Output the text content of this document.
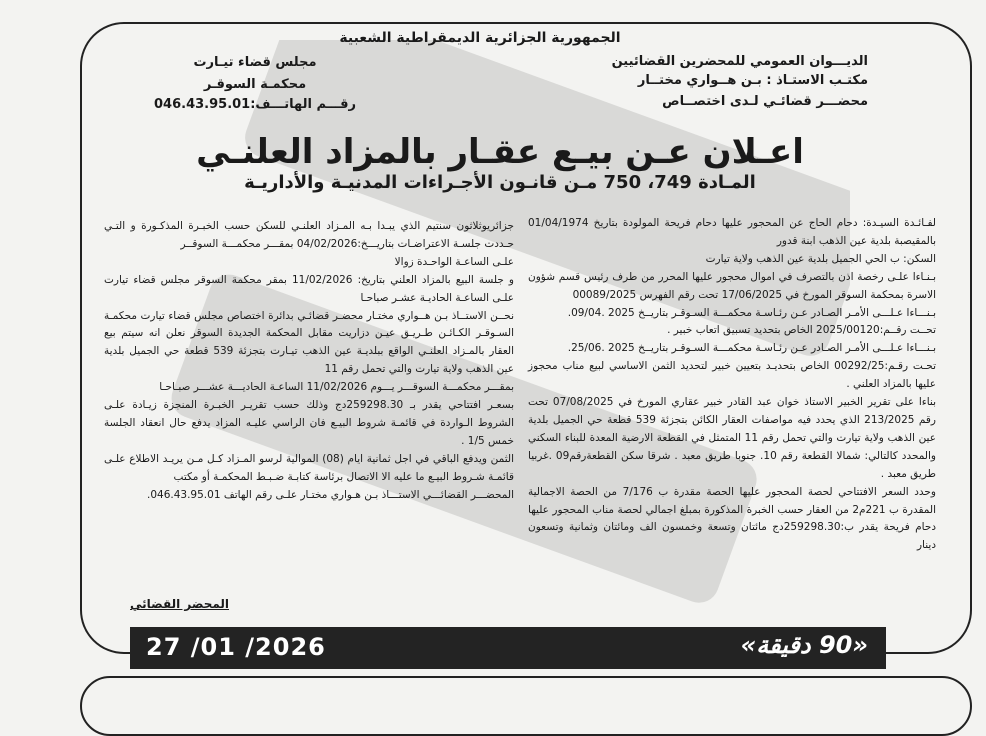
الجمهورية الجزائرية الديمقراطية الشعبية
الديـــوان العمومي للمحضرين القضائيين
مكتـب الاستـاذ : بـن هــواري مختــار
محضـــر قضائـي لـدى اختصــاص
مجلس قضاء تيـارت
محكمـة السوقـر
رقـــم الهاتـــف:046.43.95.01
اعـلان عـن بيـع عقـار بالمزاد العلنـي
المـادة 749، 750 مـن قانـون الأجـراءات المدنيـة والأداريـة

لفـائـدة السيـدة: دحام الحاج عن المحجور عليها دحام فريحة المولودة بتاريخ 01/04/1974 بالمقيصبة بلدية عين الذهب ابنة قدور

السكن: ب الحي الجميل بلدية عين الذهب ولاية تيارت

بـنـاءا علـى رخصة اذن بالتصرف في اموال محجور عليها المحرر من طرف رئيس قسم شؤون الاسرة بمحكمة السوقر المورخ في 17/06/2025 تحت رقم الفهرس 00089/2025

بـنـــاءا عـلـــى الأمـر الصـادر عـن رئـاسـة محكمـــة السـوقـر بتاريــخ 2025 .09/04.

تحــت رقــم:2025/00120 الخاص بتحديد تسبيق اتعاب خبير .

بـنـــاءا عـلـــى الأمـر الصـادر عـن رئـاسـة محكمـــة السـوقـر بتاريــخ 2025 .25/06.

تحـت رقـم:00292/25 الخاص بتحديـد بتعيين خبير لتحديد الثمن الاساسي لبيع مناب محجوز عليها بالمزاد العلني .

بناءا على تقرير الخبير الاستاذ خوان عبد القادر خبير عقاري المورخ في 07/08/2025 تحت رقم 213/2025 الذي يحدد فيه مواصفات العقار الكائن بتجزئة 539 قطعة حي الجميل بلدية عين الذهب ولاية تيارت والتي تحمل رقم 11 المتمثل في القطعة الارضية المعدة للبناء السكني والمحدد كالتالي: شمالا القطعة رقم 10. جنوبا طريق معبد . شرقا سكن القطعةرقم09 .غربيا طريق معبد .

وحدد السعر الافتتاحي لحصة المحجور عليها الحصة مقدرة ب 7/176 من الحصة الاجمالية المقدرة ب 221م2 من العقار حسب الخبرة المذكورة بمبلغ اجمالي لحصة مناب المحجور عليها دحام فريحة يقدر ب:259298.30دج مائتان وتسعة وخمسون الف ومائتان وثمانية وتسعون دينار

جزائريوثلاثون سنتيم الذي يبـدا بـه المـزاد العلنـي للسكن حسب الخبـرة المذكـورة و التـي حـددت جلسـة الاعتراضـات بتاريـــخ:04/02/2026 بمقـــر محكمـــة السوقــر

علـى الساعـة الواحـدة زوالا

و جلسة البيع بالمزاد العلني بتاريخ: 11/02/2026 بمقر محكمة السوقر مجلس قضاء تيارت علـى الساعـة الحاديـة عشـر صباحـا

نحــن الاستــاذ بـن هــواري مختـار محضـر قضائـي بدائرة اختصاص مجلس قضاء تيارت محكمـة السـوقـر الكـائـن طـريـق عيـن دزاريت مقابل المحكمة الجديدة السوقر نعلن انه سيتم بيع العقار بالمـزاد العلنـي الواقع ببلديـة عين الذهب تيـارت بتجزئة 539 قطعة حي الجميل بلدية عين الذهب ولاية تيارت والتي تحمل رقم 11

بمقـــر محكمـــة السوقـــر يـــوم 11/02/2026 الساعـة الحاديـــة عشـــر صبـاحـا

بسعـر افتتاحي يقدر بـ 259298.30دج وذلك حسب تقريـر الخبـرة المنجزة زيـادة علـى الشروط الـواردة في قائمـة شروط البيـع فان الراسي عليـه المزاد يدفع حال انعقاد الجلسة خمس 1/5 .

الثمن ويدفع الباقي في اجل ثمانية ايام (08) الموالية لرسو المـزاد كـل مـن يريـد الاطلاع علـى قائمـة شـروط البيـع ما عليه الا الاتصال برئاسة كتابـة ضـبـط المحكمـة أو مكتب

المحضـــر القضائـــي الاستـــاذ بـن هـواري مختـار علـى رقم الهاتف 046.43.95.01.

المحضر القضائي
27 /01 /2026	«90 دقيقة»
